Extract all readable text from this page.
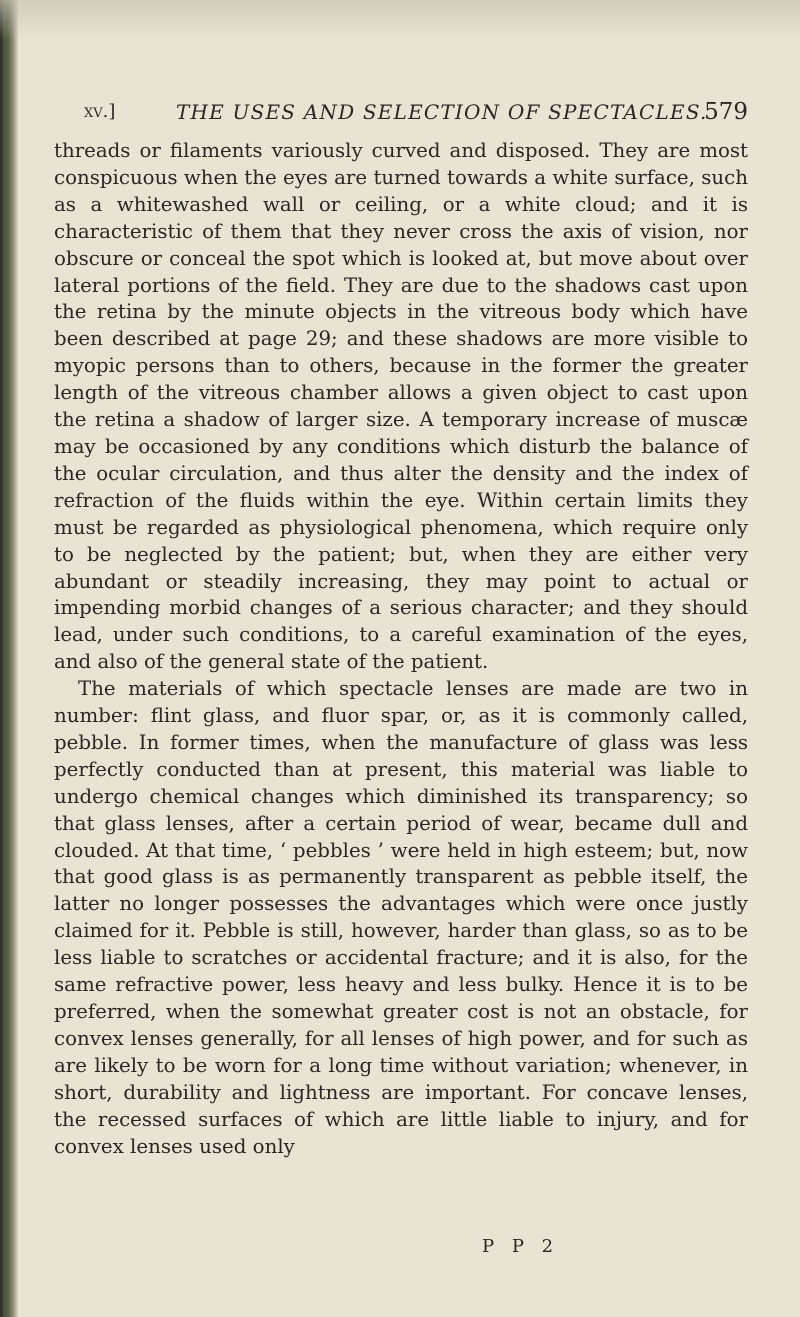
xv.]	THE USES AND SELECTION OF SPECTACLES.
579

threads or filaments variously curved and disposed. They are most conspicuous when the eyes are turned towards a white surface, such as a whitewashed wall or ceiling, or a white cloud; and it is characteristic of them that they never cross the axis of vision, nor obscure or conceal the spot which is looked at, but move about over lateral portions of the field. They are due to the shadows cast upon the retina by the minute objects in the vitreous body which have been described at page 29; and these shadows are more visible to myopic persons than to others, because in the former the greater length of the vitreous chamber allows a given object to cast upon the retina a shadow of larger size. A temporary increase of muscæ may be occasioned by any conditions which disturb the balance of the ocular circulation, and thus alter the density and the index of refraction of the fluids within the eye. Within certain limits they must be regarded as physiological phenomena, which require only to be neglected by the patient; but, when they are either very abundant or steadily increasing, they may point to actual or impending morbid changes of a serious character; and they should lead, under such conditions, to a careful examination of the eyes, and also of the general state of the patient.

The materials of which spectacle lenses are made are two in number: flint glass, and fluor spar, or, as it is commonly called, pebble. In former times, when the manufacture of glass was less perfectly conducted than at present, this material was liable to undergo chemical changes which diminished its transparency; so that glass lenses, after a certain period of wear, became dull and clouded. At that time, ‘ pebbles ’ were held in high esteem; but, now that good glass is as permanently transparent as pebble itself, the latter no longer possesses the advantages which were once justly claimed for it. Pebble is still, however, harder than glass, so as to be less liable to scratches or accidental fracture; and it is also, for the same refractive power, less heavy and less bulky. Hence it is to be preferred, when the somewhat greater cost is not an obstacle, for convex lenses generally, for all lenses of high power, and for such as are likely to be worn for a long time without variation; whenever, in short, durability and lightness are important. For concave lenses, the recessed surfaces of which are little liable to injury, and for convex lenses used only

P P 2
